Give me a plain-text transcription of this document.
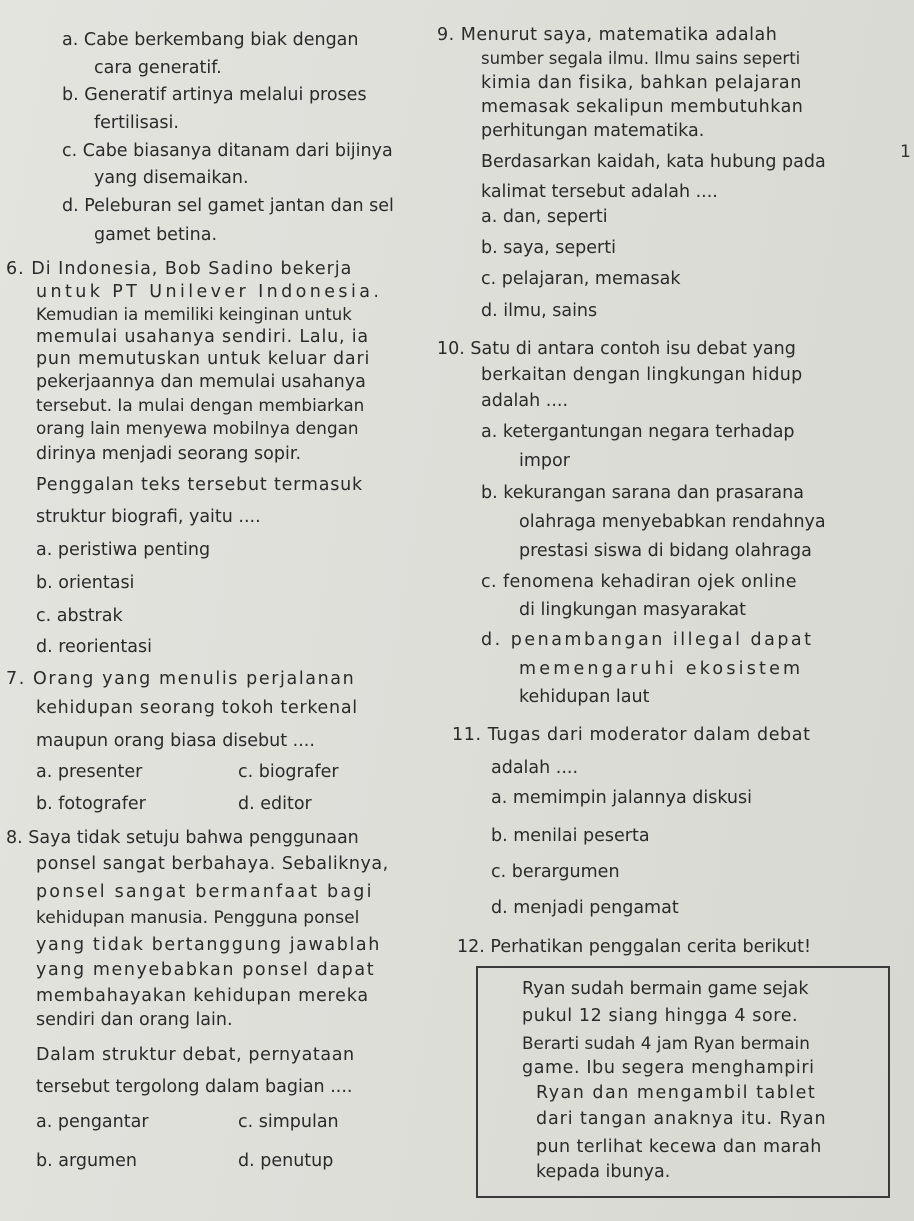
a. Cabe berkembang biak dengan
cara generatif.
b. Generatif artinya melalui proses
fertilisasi.
c. Cabe biasanya ditanam dari bijinya
yang disemaikan.
d. Peleburan sel gamet jantan dan sel
gamet betina.
6. Di Indonesia, Bob Sadino bekerja
untuk PT Unilever Indonesia.
Kemudian ia memiliki keinginan untuk
memulai usahanya sendiri. Lalu, ia
pun memutuskan untuk keluar dari
pekerjaannya dan memulai usahanya
tersebut. Ia mulai dengan membiarkan
orang lain menyewa mobilnya dengan
dirinya menjadi seorang sopir.
Penggalan teks tersebut termasuk
struktur biografi, yaitu ....
a. peristiwa penting
b. orientasi
c. abstrak
d. reorientasi
7. Orang yang menulis perjalanan
kehidupan seorang tokoh terkenal
maupun orang biasa disebut ....
a. presenter	c. biografer
b. fotografer	d. editor
8. Saya tidak setuju bahwa penggunaan
ponsel sangat berbahaya. Sebaliknya,
ponsel sangat bermanfaat bagi
kehidupan manusia. Pengguna ponsel
yang tidak bertanggung jawablah
yang menyebabkan ponsel dapat
membahayakan kehidupan mereka
sendiri dan orang lain.
Dalam struktur debat, pernyataan
tersebut tergolong dalam bagian ....
a. pengantar	c. simpulan
b. argumen	d. penutup
9. Menurut saya, matematika adalah
sumber segala ilmu. Ilmu sains seperti
kimia dan fisika, bahkan pelajaran
memasak sekalipun membutuhkan
perhitungan matematika.
Berdasarkan kaidah, kata hubung pada
kalimat tersebut adalah ....
a. dan, seperti
b. saya, seperti
c. pelajaran, memasak
d. ilmu, sains
10. Satu di antara contoh isu debat yang
berkaitan dengan lingkungan hidup
adalah ....
a. ketergantungan negara terhadap
impor
b. kekurangan sarana dan prasarana
olahraga menyebabkan rendahnya
prestasi siswa di bidang olahraga
c. fenomena kehadiran ojek online
di lingkungan masyarakat
d. penambangan illegal dapat
memengaruhi ekosistem
kehidupan laut
11. Tugas dari moderator dalam debat
adalah ....
a. memimpin jalannya diskusi
b. menilai peserta
c. berargumen
d. menjadi pengamat
12. Perhatikan penggalan cerita berikut!
Ryan sudah bermain game sejak
pukul 12 siang hingga 4 sore.
Berarti sudah 4 jam Ryan bermain
game. Ibu segera menghampiri
Ryan dan mengambil tablet
dari tangan anaknya itu. Ryan
pun terlihat kecewa dan marah
kepada ibunya.
1
